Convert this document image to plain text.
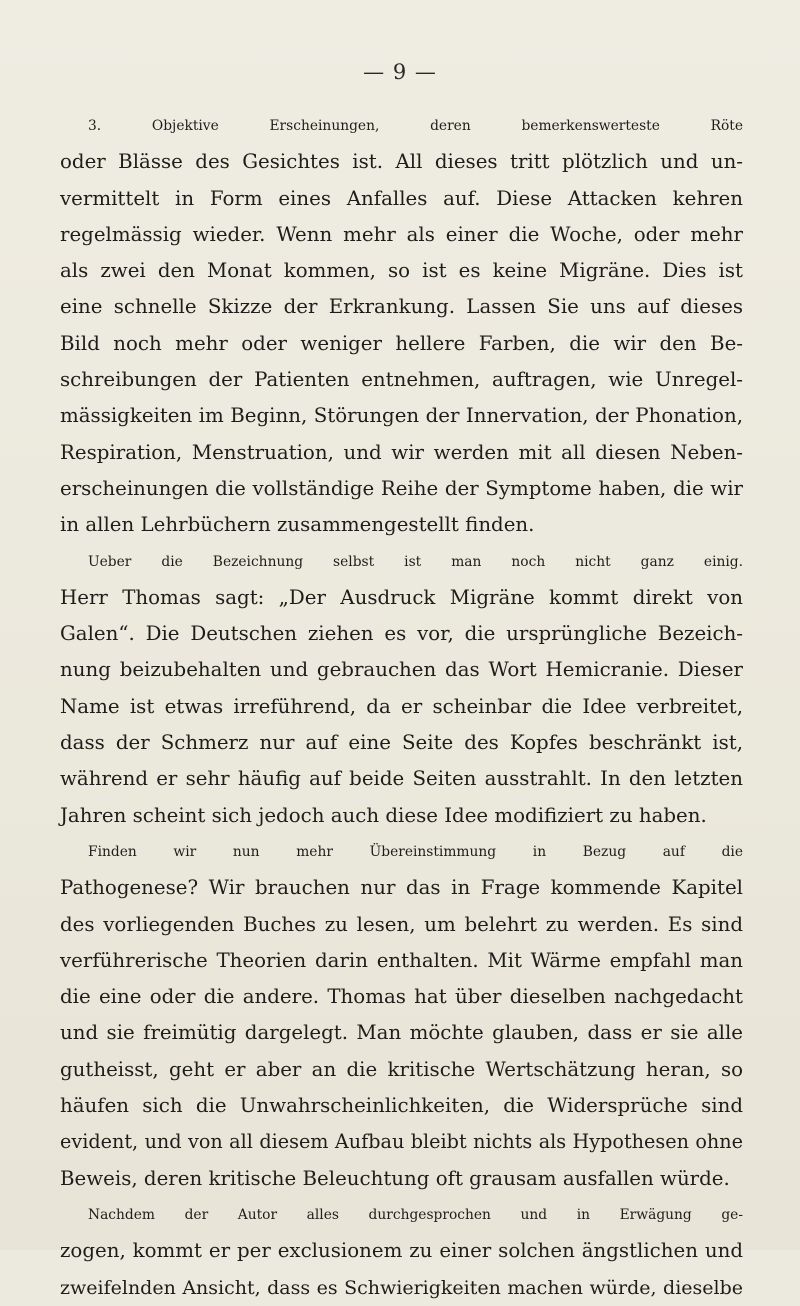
— 9 —
3. Objektive Erscheinungen, deren bemerkenswerteste Röte
oder Blässe des Gesichtes ist. All dieses tritt plötzlich und un-
vermittelt in Form eines Anfalles auf. Diese Attacken kehren
regelmässig wieder. Wenn mehr als einer die Woche, oder mehr
als zwei den Monat kommen, so ist es keine Migräne. Dies ist
eine schnelle Skizze der Erkrankung. Lassen Sie uns auf dieses
Bild noch mehr oder weniger hellere Farben, die wir den Be-
schreibungen der Patienten entnehmen, auftragen, wie Unregel-
mässigkeiten im Beginn, Störungen der Innervation, der Phonation,
Respiration, Menstruation, und wir werden mit all diesen Neben-
erscheinungen die vollständige Reihe der Symptome haben, die wir
in allen Lehrbüchern zusammengestellt finden.
Ueber die Bezeichnung selbst ist man noch nicht ganz einig.
Herr Thomas sagt: „Der Ausdruck Migräne kommt direkt von
Galen“. Die Deutschen ziehen es vor, die ursprüngliche Bezeich-
nung beizubehalten und gebrauchen das Wort Hemicranie. Dieser
Name ist etwas irreführend, da er scheinbar die Idee verbreitet,
dass der Schmerz nur auf eine Seite des Kopfes beschränkt ist,
während er sehr häufig auf beide Seiten ausstrahlt. In den letzten
Jahren scheint sich jedoch auch diese Idee modifiziert zu haben.
Finden wir nun mehr Übereinstimmung in Bezug auf die
Pathogenese? Wir brauchen nur das in Frage kommende Kapitel
des vorliegenden Buches zu lesen, um belehrt zu werden. Es sind
verführerische Theorien darin enthalten. Mit Wärme empfahl man
die eine oder die andere. Thomas hat über dieselben nachgedacht
und sie freimütig dargelegt. Man möchte glauben, dass er sie alle
gutheisst, geht er aber an die kritische Wertschätzung heran, so
häufen sich die Unwahrscheinlichkeiten, die Widersprüche sind
evident, und von all diesem Aufbau bleibt nichts als Hypothesen ohne
Beweis, deren kritische Beleuchtung oft grausam ausfallen würde.
Nachdem der Autor alles durchgesprochen und in Erwägung ge-
zogen, kommt er per exclusionem zu einer solchen ängstlichen und
zweifelnden Ansicht, dass es Schwierigkeiten machen würde, dieselbe
